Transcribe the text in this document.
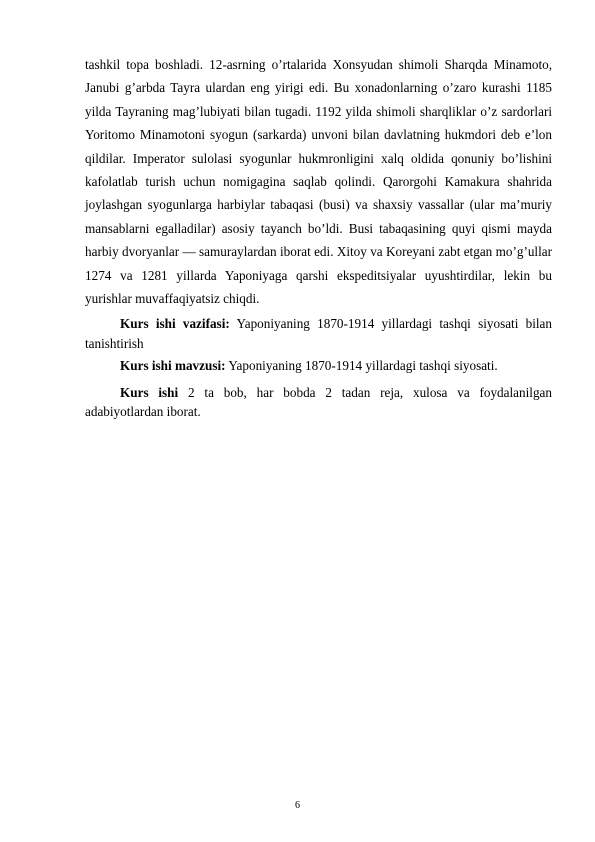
tashkil topa boshladi. 12-asrning o’rtalarida Xonsyudan shimoli Sharqda Minamoto, Janubi g’arbda Tayra ulardan eng yirigi edi. Bu xonadonlarning o’zaro kurashi 1185 yilda Tayraning mag’lubiyati bilan tugadi. 1192 yilda shimoli sharqliklar o’z sardorlari Yoritomo Minamotoni syogun (sarkarda) unvoni bilan davlatning hukmdori deb e’lon qildilar. Imperator sulolasi syogunlar hukmronligini xalq oldida qonuniy bo’lishini kafolatlab turish uchun nomigagina saqlab qolindi. Qarorgohi Kamakura shahrida joylashgan syogunlarga harbiylar tabaqasi (busi) va shaxsiy vassallar (ular ma’muriy mansablarni egalladilar) asosiy tayanch bo’ldi. Busi tabaqasining quyi qismi mayda harbiy dvoryanlar — samuraylardan iborat edi. Xitoy va Koreyani zabt etgan mo’g’ullar 1274 va 1281 yillarda Yaponiyaga qarshi ekspeditsiyalar uyushtirdilar, lekin bu yurishlar muvaffaqiyatsiz chiqdi.

Kurs ishi vazifasi: Yaponiyaning 1870-1914 yillardagi tashqi siyosati bilan tanishtirish

Kurs ishi mavzusi: Yaponiyaning 1870-1914 yillardagi tashqi siyosati.

Kurs ishi 2 ta bob, har bobda 2 tadan reja, xulosa va foydalanilgan adabiyotlardan iborat.

6
